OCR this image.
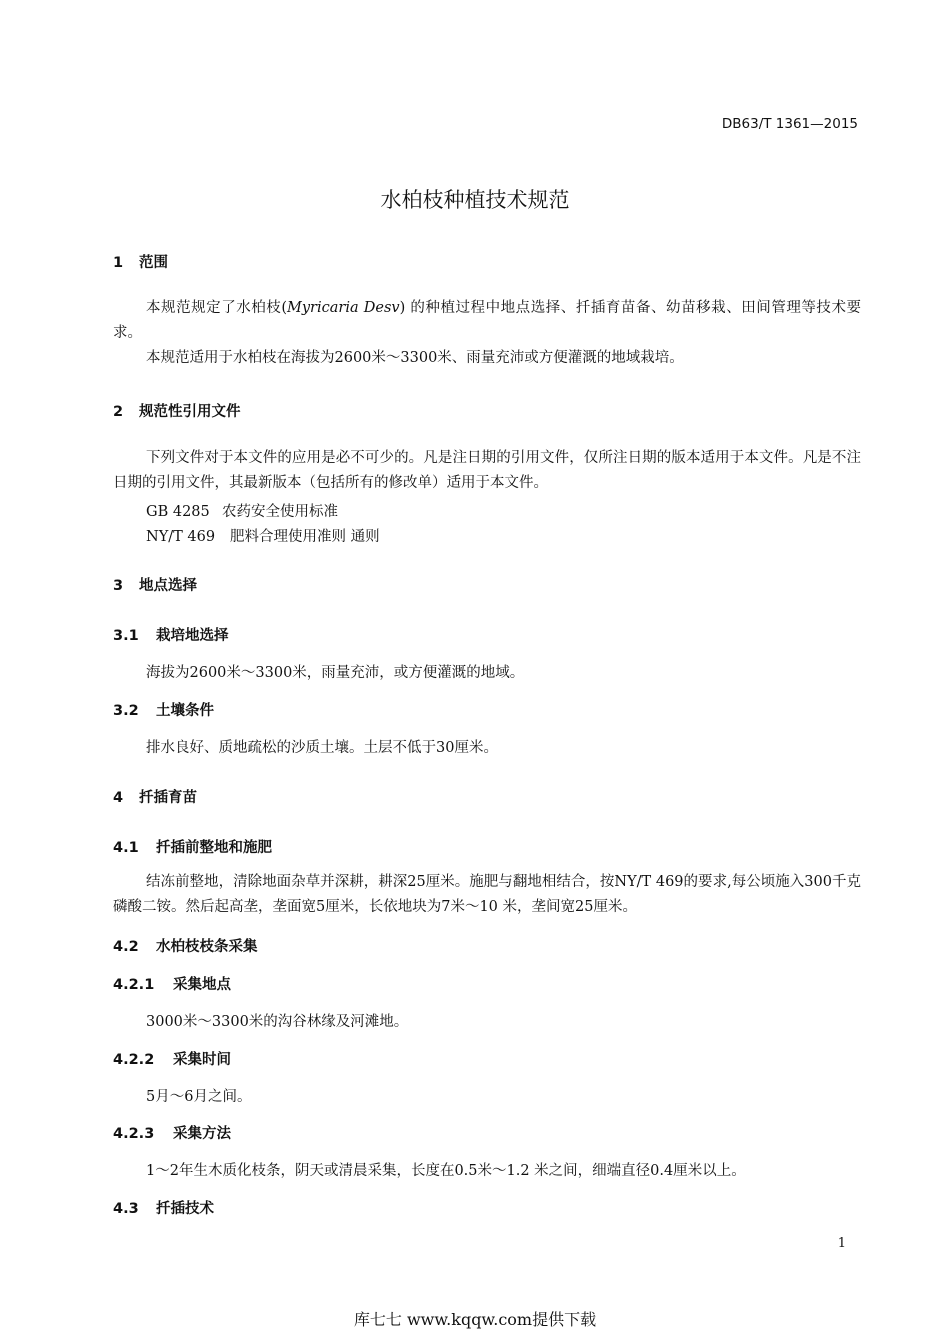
DB63/T 1361—2015
水柏枝种植技术规范
1 范围
本规范规定了水柏枝(Myricaria Desv) 的种植过程中地点选择、扦插育苗备、幼苗移栽、田间管理等技术要求。
本规范适用于水柏枝在海拔为2600米～3300米、雨量充沛或方便灌溉的地域栽培。
2 规范性引用文件
下列文件对于本文件的应用是必不可少的。凡是注日期的引用文件，仅所注日期的版本适用于本文件。凡是不注日期的引用文件，其最新版本（包括所有的修改单）适用于本文件。
GB 4285 农药安全使用标准
NY/T 469 肥料合理使用准则 通则
3 地点选择
3.1 栽培地选择
海拔为2600米～3300米，雨量充沛，或方便灌溉的地域。
3.2 土壤条件
排水良好、质地疏松的沙质土壤。土层不低于30厘米。
4 扦插育苗
4.1 扦插前整地和施肥
结冻前整地，清除地面杂草并深耕，耕深25厘米。施肥与翻地相结合，按NY/T 469的要求,每公顷施入300千克磷酸二铵。然后起高垄，垄面宽5厘米，长依地块为7米～10 米，垄间宽25厘米。
4.2 水柏枝枝条采集
4.2.1 采集地点
3000米～3300米的沟谷林缘及河滩地。
4.2.2 采集时间
5月～6月之间。
4.2.3 采集方法
1～2年生木质化枝条，阴天或清晨采集，长度在0.5米～1.2 米之间，细端直径0.4厘米以上。
4.3 扦插技术
1
库七七 www.kqqw.com提供下载
